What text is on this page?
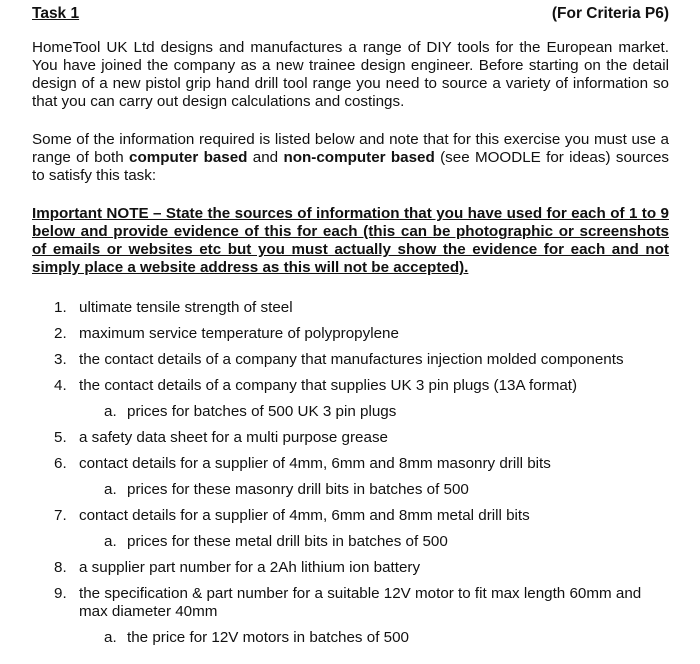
Task 1	(For Criteria P6)

HomeTool UK Ltd designs and manufactures a range of DIY tools for the European market. You have joined the company as a new trainee design engineer. Before starting on the detail design of a new pistol grip hand drill tool range you need to source a variety of information so that you can carry out design calculations and costings.

Some of the information required is listed below and note that for this exercise you must use a range of both computer based and non-computer based (see MOODLE for ideas) sources to satisfy this task:

Important NOTE – State the sources of information that you have used for each of 1 to 9 below and provide evidence of this for each (this can be photographic or screenshots of emails or websites etc but you must actually show the evidence for each and not simply place a website address as this will not be accepted).

1. ultimate tensile strength of steel
2. maximum service temperature of polypropylene
3. the contact details of a company that manufactures injection molded components
4. the contact details of a company that supplies UK 3 pin plugs (13A format)
a. prices for batches of 500 UK 3 pin plugs
5. a safety data sheet for a multi purpose grease
6. contact details for a supplier of 4mm, 6mm and 8mm masonry drill bits
a. prices for these masonry drill bits in batches of 500
7. contact details for a supplier of 4mm, 6mm and 8mm metal drill bits
a. prices for these metal drill bits in batches of 500
8. a supplier part number for a 2Ah lithium ion battery
9. the specification & part number for a suitable 12V motor to fit max length 60mm and max diameter 40mm
a. the price for 12V motors in batches of 500
